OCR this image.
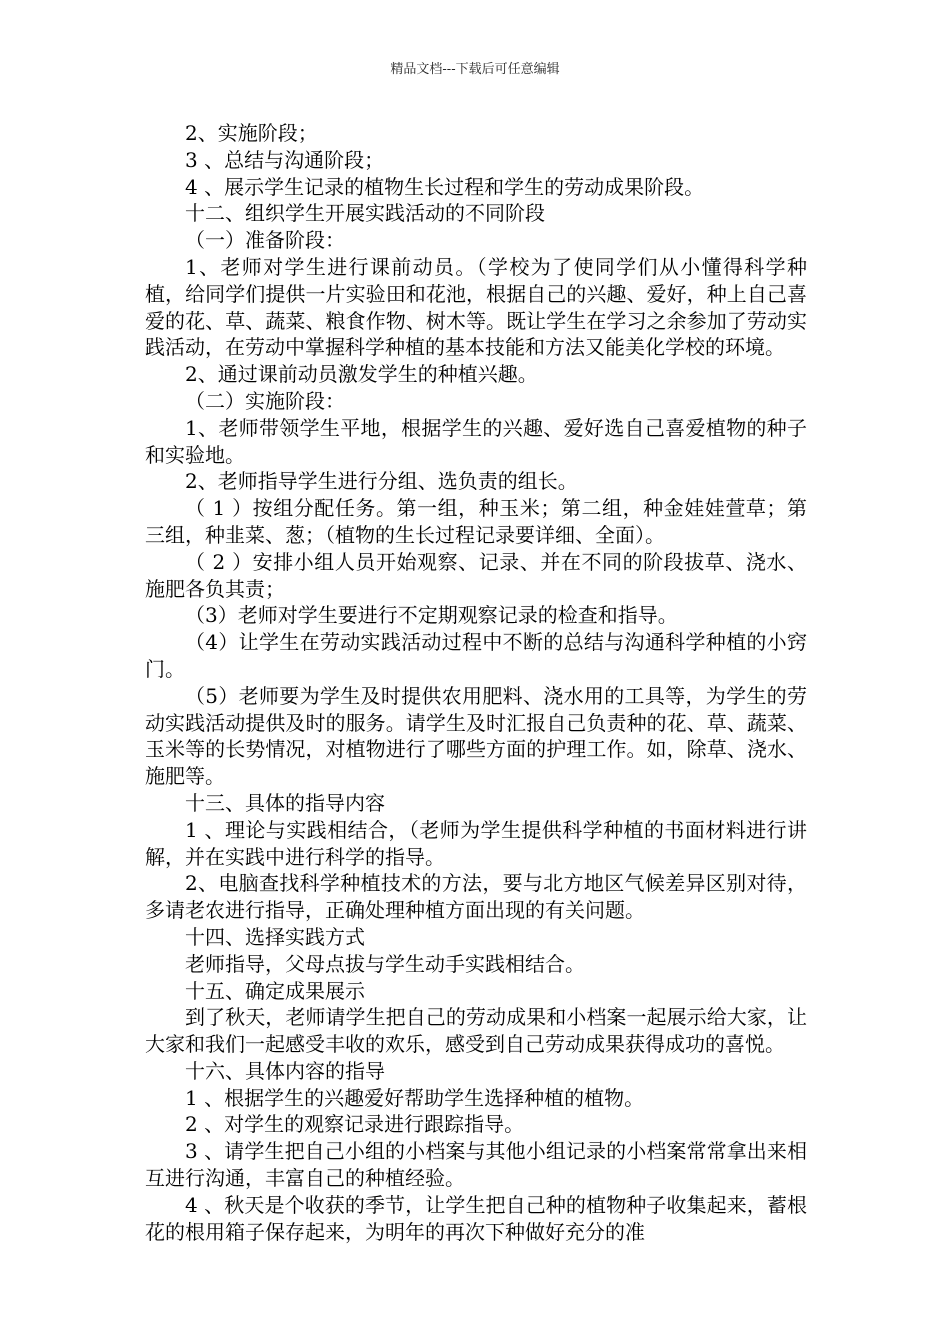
精品文档---下载后可任意编辑

2、实施阶段；

3 、总结与沟通阶段；

4 、展示学生记录的植物生长过程和学生的劳动成果阶段。

十二、组织学生开展实践活动的不同阶段

（一）准备阶段：

1、老师对学生进行课前动员。（学校为了使同学们从小懂得科学种植，给同学们提供一片实验田和花池，根据自己的兴趣、爱好，种上自己喜爱的花、草、蔬菜、粮食作物、树木等。既让学生在学习之余参加了劳动实践活动，在劳动中掌握科学种植的基本技能和方法又能美化学校的环境。

2、通过课前动员激发学生的种植兴趣。

（二）实施阶段：

1、老师带领学生平地，根据学生的兴趣、爱好选自己喜爱植物的种子和实验地。

2、老师指导学生进行分组、选负责的组长。

（ 1 ）按组分配任务。第一组，种玉米；第二组，种金娃娃萱草；第三组，种韭菜、葱；（植物的生长过程记录要详细、全面）。

（ 2 ）安排小组人员开始观察、记录、并在不同的阶段拔草、浇水、施肥各负其责；

（3）老师对学生要进行不定期观察记录的检查和指导。

（4）让学生在劳动实践活动过程中不断的总结与沟通科学种植的小窍门。

（5）老师要为学生及时提供农用肥料、浇水用的工具等，为学生的劳动实践活动提供及时的服务。请学生及时汇报自己负责种的花、草、蔬菜、玉米等的长势情况，对植物进行了哪些方面的护理工作。如，除草、浇水、施肥等。

十三、具体的指导内容

1 、理论与实践相结合，（老师为学生提供科学种植的书面材料进行讲解，并在实践中进行科学的指导。

2、电脑查找科学种植技术的方法，要与北方地区气候差异区别对待，多请老农进行指导，正确处理种植方面出现的有关问题。

十四、选择实践方式

老师指导，父母点拔与学生动手实践相结合。

十五、确定成果展示

到了秋天，老师请学生把自己的劳动成果和小档案一起展示给大家，让大家和我们一起感受丰收的欢乐，感受到自己劳动成果获得成功的喜悦。

十六、具体内容的指导

1 、根据学生的兴趣爱好帮助学生选择种植的植物。

2 、对学生的观察记录进行跟踪指导。

3 、请学生把自己小组的小档案与其他小组记录的小档案常常拿出来相互进行沟通，丰富自己的种植经验。

4 、秋天是个收获的季节，让学生把自己种的植物种子收集起来，蓄根花的根用箱子保存起来，为明年的再次下种做好充分的准
